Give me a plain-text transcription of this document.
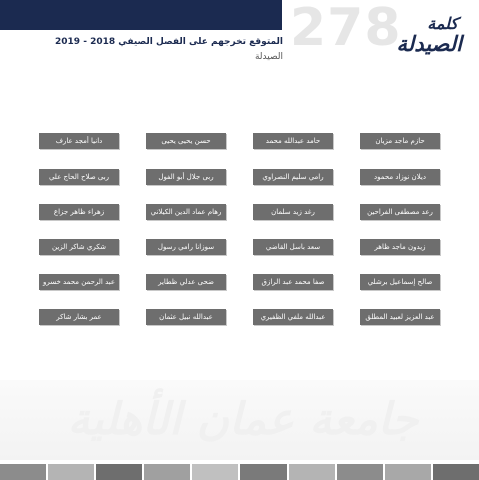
278 كلمة
الصيدلة
المتوقع تخرجهم على الفصل الصيفي 2018 - 2019
الصيدلة
حازم ماجد مزيان
حامد عبدالله محمد
حسن يحيى يحيى
دانيا أمجد عارف
ديلان نوزاد محمود
رامي سليم النصراوي
ربى جلال أبو الفول
ربى صلاح الحاج علي
رعد مصطفى الفراحين
رغد زيد سلمان
رهام عماد الدين الكيلاني
زهراء ظاهر جزاع
زيدون ماجد ظاهر
سعد باسل القاضي
سوزانا رامي رسول
شكري شاكر الزين
صالح إسماعيل برشلي
صفا محمد عبد الرازق
ضحى عدلي ظطاير
عبد الرحمن محمد خسرو
عبد العزيز لعبيد المطلق
عبدالله ملفي الظفيري
عبدالله نبيل عثمان
عمر بشار شاكر
جامعة عمان الأهلية
